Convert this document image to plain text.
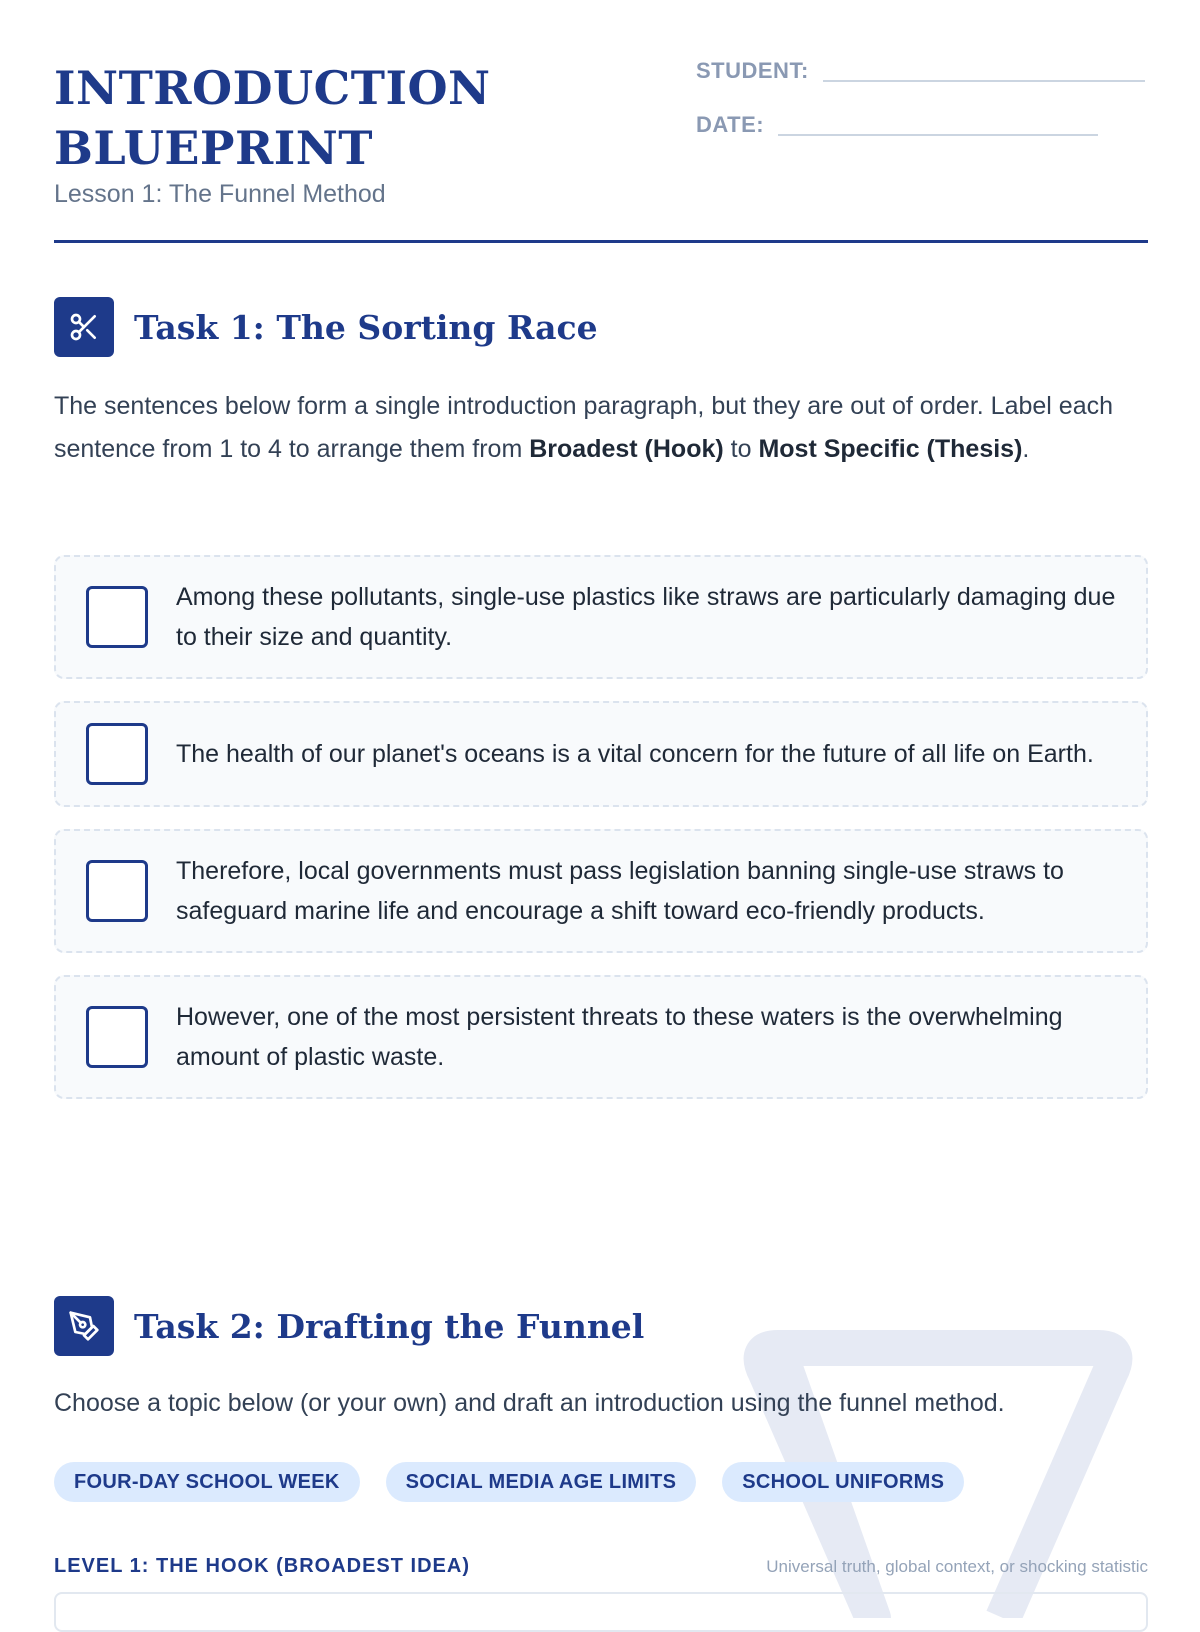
INTRODUCTION
BLUEPRINT
Lesson 1: The Funnel Method
STUDENT:
DATE:
Task 1: The Sorting Race

The sentences below form a single introduction paragraph, but they are out of order. Label each sentence from 1 to 4 to arrange them from Broadest (Hook) to Most Specific (Thesis).

Among these pollutants, single-use plastics like straws are particularly damaging due to their size and quantity.
The health of our planet's oceans is a vital concern for the future of all life on Earth.
Therefore, local governments must pass legislation banning single-use straws to safeguard marine life and encourage a shift toward eco-friendly products.
However, one of the most persistent threats to these waters is the overwhelming amount of plastic waste.
Task 2: Drafting the Funnel

Choose a topic below (or your own) and draft an introduction using the funnel method.

FOUR-DAY SCHOOL WEEK	SOCIAL MEDIA AGE LIMITS	SCHOOL UNIFORMS
LEVEL 1: THE HOOK (BROADEST IDEA)	Universal truth, global context, or shocking statistic
